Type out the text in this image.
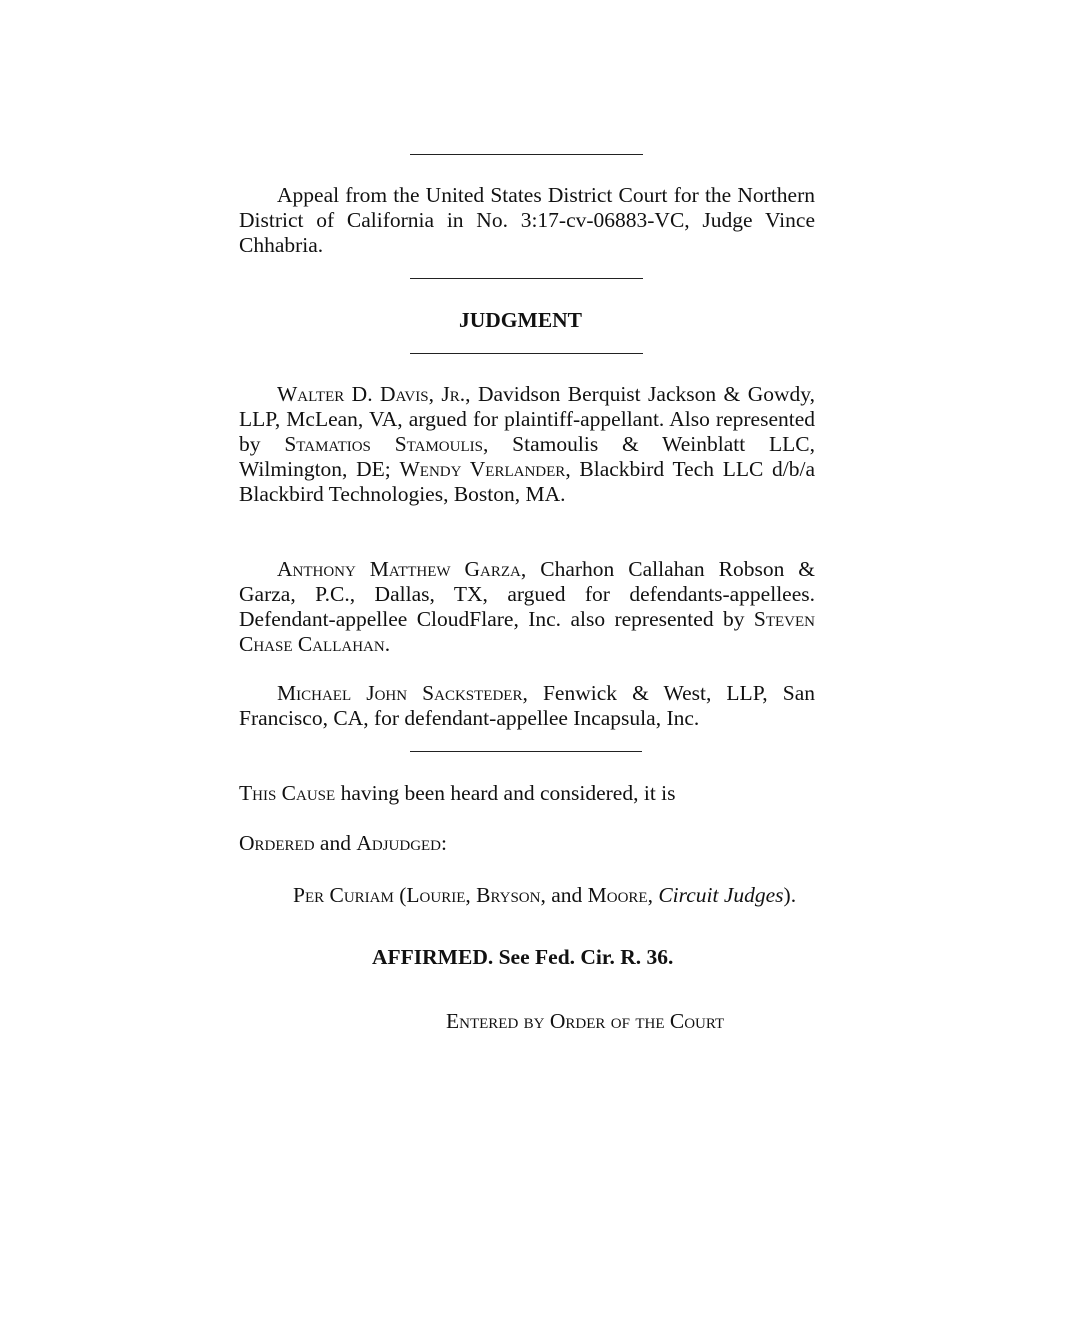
Appeal from the United States District Court for the Northern District of California in No. 3:17-cv-06883-VC, Judge Vince Chhabria.
JUDGMENT
Walter D. Davis, Jr., Davidson Berquist Jackson & Gowdy, LLP, McLean, VA, argued for plaintiff-appellant. Also represented by Stamatios Stamoulis, Stamoulis & Weinblatt LLC, Wilmington, DE; Wendy Verlander, Blackbird Tech LLC d/b/a Blackbird Technologies, Boston, MA.
Anthony Matthew Garza, Charhon Callahan Robson & Garza, P.C., Dallas, TX, argued for defendants-appellees. Defendant-appellee CloudFlare, Inc. also represented by Steven Chase Callahan.
Michael John Sacksteder, Fenwick & West, LLP, San Francisco, CA, for defendant-appellee Incapsula, Inc.
This Cause having been heard and considered, it is
Ordered and Adjudged:
Per Curiam (Lourie, Bryson, and Moore, Circuit Judges).
AFFIRMED. See Fed. Cir. R. 36.
Entered by Order of the Court
